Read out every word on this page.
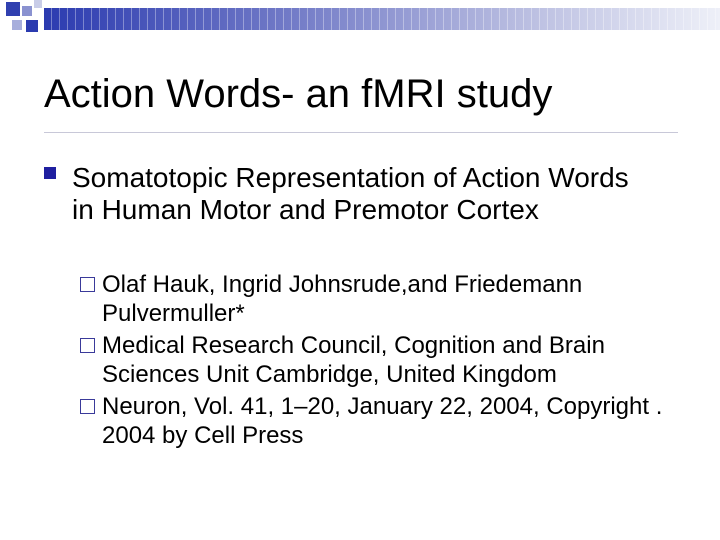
Action Words- an fMRI study
Somatotopic Representation of Action Words in Human Motor and Premotor Cortex
Olaf Hauk, Ingrid Johnsrude,and Friedemann Pulvermuller*
Medical Research Council, Cognition and Brain Sciences Unit Cambridge, United Kingdom
Neuron, Vol. 41, 1–20, January 22, 2004, Copyright . 2004 by Cell Press
